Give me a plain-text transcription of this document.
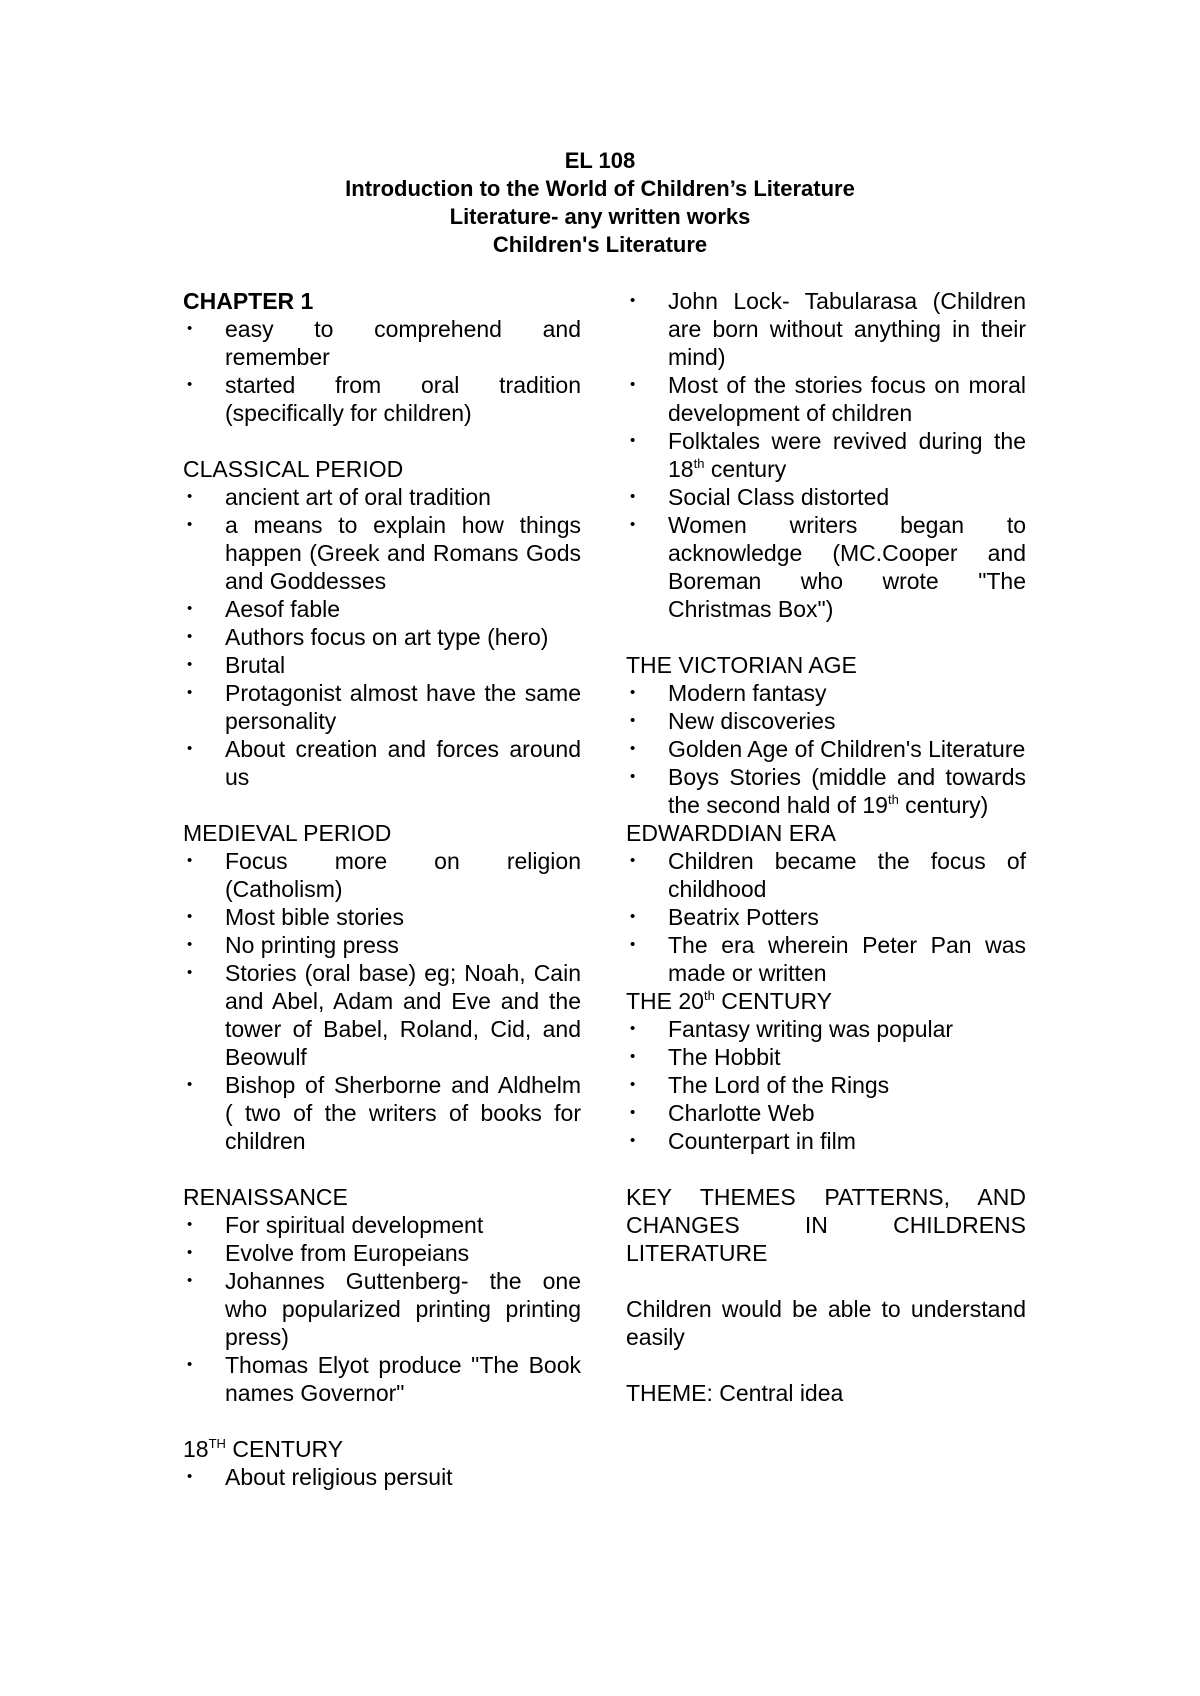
EL 108
Introduction to the World of Children’s Literature
Literature- any written works
Children's Literature
CHAPTER 1
• easy to comprehend and remember
• started from oral tradition (specifically for children)
CLASSICAL PERIOD
• ancient art of oral tradition
• a means to explain how things happen (Greek and Romans Gods and Goddesses
• Aesof fable
• Authors focus on art type (hero)
• Brutal
• Protagonist almost have the same personality
• About creation and forces around us
MEDIEVAL PERIOD
• Focus more on religion (Catholism)
• Most bible stories
• No printing press
• Stories (oral base) eg; Noah, Cain and Abel, Adam and Eve and the tower of Babel, Roland, Cid, and Beowulf
• Bishop of Sherborne and Aldhelm ( two of the writers of books for children
RENAISSANCE
• For spiritual development
• Evolve from Europeians
• Johannes Guttenberg- the one who popularized printing printing press)
• Thomas Elyot produce "The Book names Governor"
18TH CENTURY
• About religious persuit
• John Lock- Tabularasa (Children are born without anything in their mind)
• Most of the stories focus on moral development of children
• Folktales were revived during the 18th century
• Social Class distorted
• Women writers began to acknowledge (MC.Cooper and Boreman who wrote "The Christmas Box")
THE VICTORIAN AGE
• Modern fantasy
• New discoveries
• Golden Age of Children's Literature
• Boys Stories (middle and towards the second hald of 19th century)
EDWARDDIAN ERA
• Children became the focus of childhood
• Beatrix Potters
• The era wherein Peter Pan was made or written
THE 20th CENTURY
• Fantasy writing was popular
• The Hobbit
• The Lord of the Rings
• Charlotte Web
• Counterpart in film
KEY THEMES PATTERNS, AND CHANGES IN CHILDRENS LITERATURE
Children would be able to understand easily
THEME: Central idea
